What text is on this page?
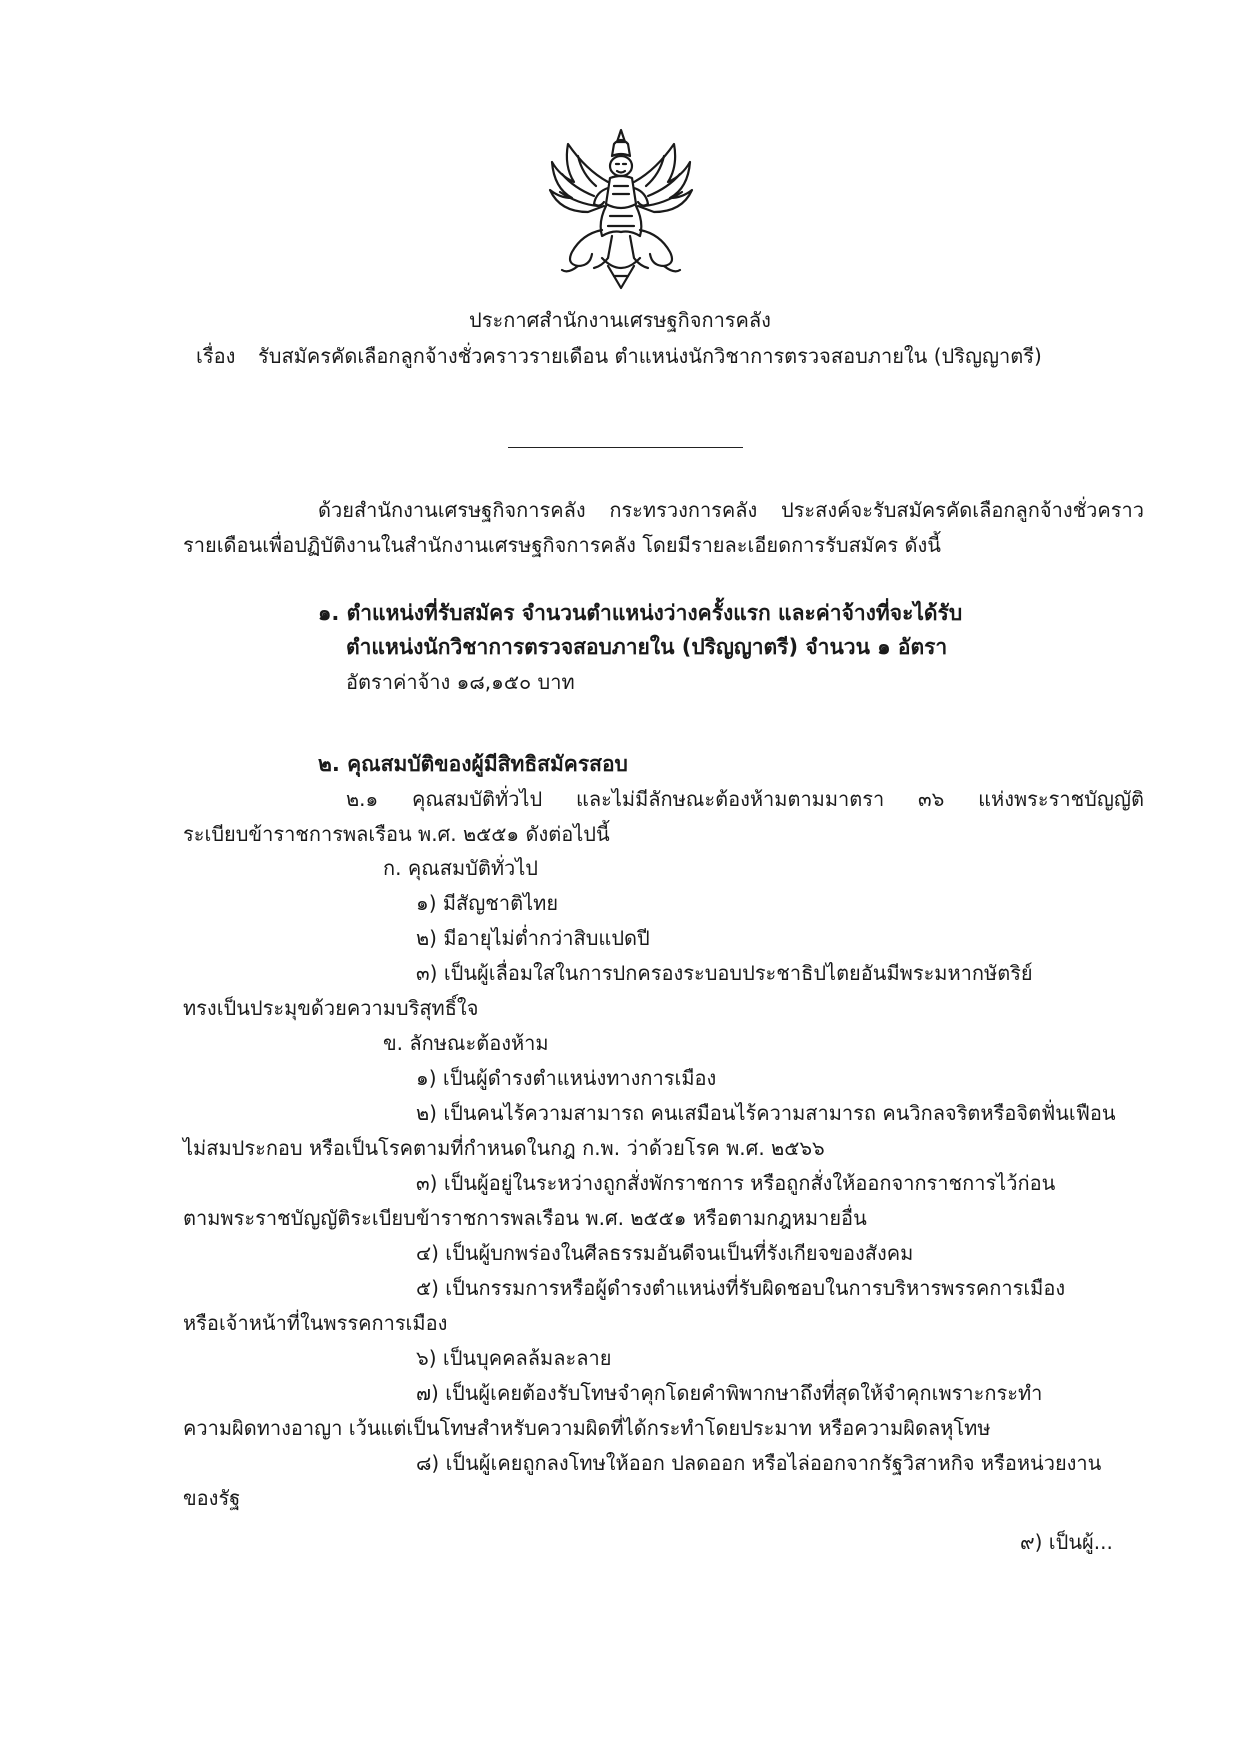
ประกาศสำนักงานเศรษฐกิจการคลัง
เรื่อง รับสมัครคัดเลือกลูกจ้างชั่วคราวรายเดือน ตำแหน่งนักวิชาการตรวจสอบภายใน (ปริญญาตรี)
ด้วยสำนักงานเศรษฐกิจการคลัง กระทรวงการคลัง ประสงค์จะรับสมัครคัดเลือกลูกจ้างชั่วคราว
รายเดือนเพื่อปฏิบัติงานในสำนักงานเศรษฐกิจการคลัง โดยมีรายละเอียดการรับสมัคร ดังนี้
๑. ตำแหน่งที่รับสมัคร จำนวนตำแหน่งว่างครั้งแรก และค่าจ้างที่จะได้รับ
ตำแหน่งนักวิชาการตรวจสอบภายใน (ปริญญาตรี) จำนวน ๑ อัตรา
อัตราค่าจ้าง ๑๘,๑๕๐ บาท
๒. คุณสมบัติของผู้มีสิทธิสมัครสอบ
๒.๑ คุณสมบัติทั่วไป และไม่มีลักษณะต้องห้ามตามมาตรา ๓๖ แห่งพระราชบัญญัติ
ระเบียบข้าราชการพลเรือน พ.ศ. ๒๕๕๑ ดังต่อไปนี้
ก. คุณสมบัติทั่วไป
๑) มีสัญชาติไทย
๒) มีอายุไม่ต่ำกว่าสิบแปดปี
๓) เป็นผู้เลื่อมใสในการปกครองระบอบประชาธิปไตยอันมีพระมหากษัตริย์
ทรงเป็นประมุขด้วยความบริสุทธิ์ใจ
ข. ลักษณะต้องห้าม
๑) เป็นผู้ดำรงตำแหน่งทางการเมือง
๒) เป็นคนไร้ความสามารถ คนเสมือนไร้ความสามารถ คนวิกลจริตหรือจิตฟั่นเฟือน
ไม่สมประกอบ หรือเป็นโรคตามที่กำหนดในกฎ ก.พ. ว่าด้วยโรค พ.ศ. ๒๕๖๖
๓) เป็นผู้อยู่ในระหว่างถูกสั่งพักราชการ หรือถูกสั่งให้ออกจากราชการไว้ก่อน
ตามพระราชบัญญัติระเบียบข้าราชการพลเรือน พ.ศ. ๒๕๕๑ หรือตามกฎหมายอื่น
๔) เป็นผู้บกพร่องในศีลธรรมอันดีจนเป็นที่รังเกียจของสังคม
๕) เป็นกรรมการหรือผู้ดำรงตำแหน่งที่รับผิดชอบในการบริหารพรรคการเมือง
หรือเจ้าหน้าที่ในพรรคการเมือง
๖) เป็นบุคคลล้มละลาย
๗) เป็นผู้เคยต้องรับโทษจำคุกโดยคำพิพากษาถึงที่สุดให้จำคุกเพราะกระทำ
ความผิดทางอาญา เว้นแต่เป็นโทษสำหรับความผิดที่ได้กระทำโดยประมาท หรือความผิดลหุโทษ
๘) เป็นผู้เคยถูกลงโทษให้ออก ปลดออก หรือไล่ออกจากรัฐวิสาหกิจ หรือหน่วยงาน
ของรัฐ
๙) เป็นผู้...
